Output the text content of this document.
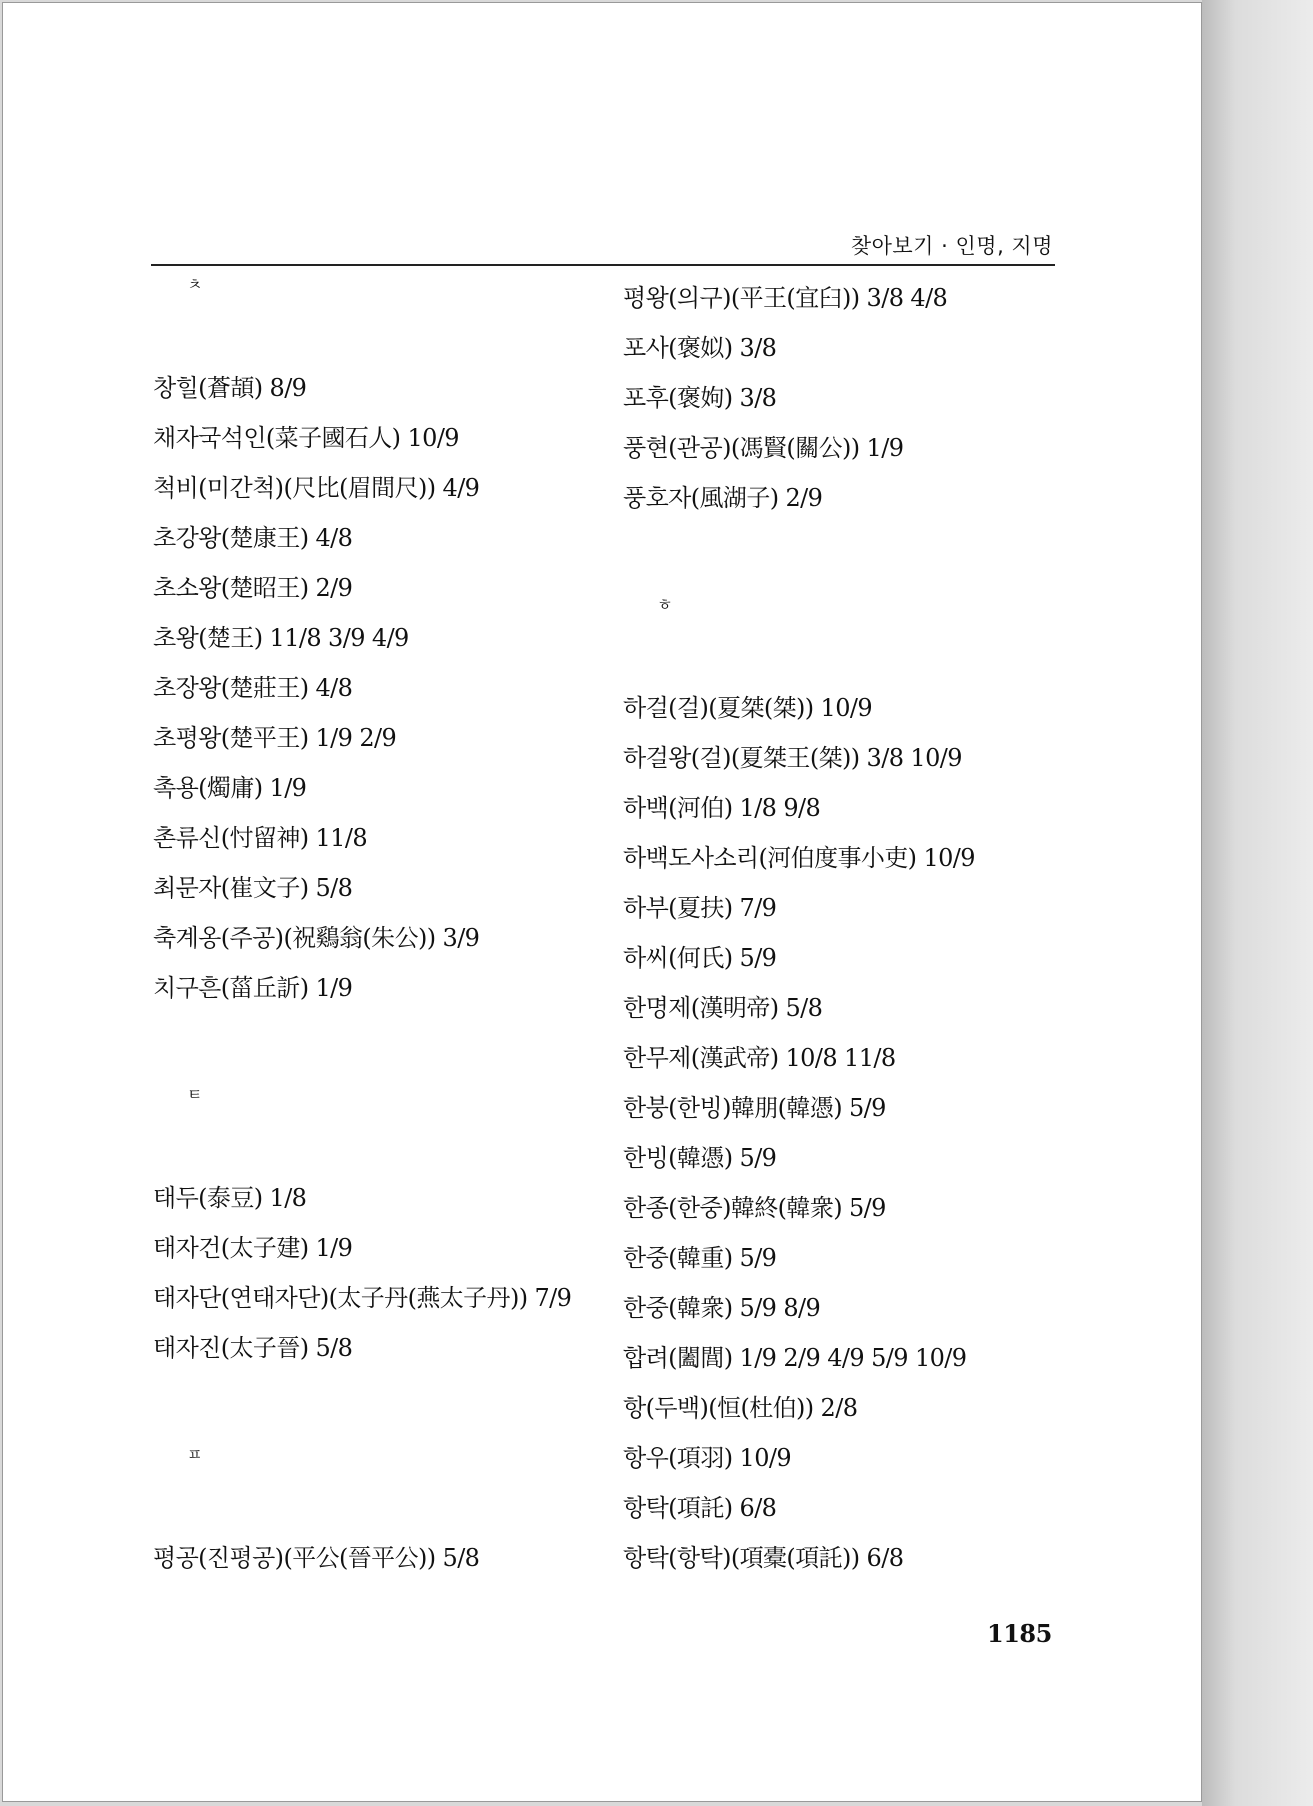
찾아보기 · 인명, 지명
ㅊ
창힐(蒼頡) 8/9
채자국석인(菜子國石人) 10/9
척비(미간척)(尺比(眉間尺)) 4/9
초강왕(楚康王) 4/8
초소왕(楚昭王) 2/9
초왕(楚王) 11/8 3/9 4/9
초장왕(楚莊王) 4/8
초평왕(楚平王) 1/9 2/9
촉용(燭庸) 1/9
촌류신(忖留神) 11/8
최문자(崔文子) 5/8
축계옹(주공)(祝鷄翁(朱公)) 3/9
치구흔(菑丘訢) 1/9
ㅌ
태두(泰豆) 1/8
태자건(太子建) 1/9
태자단(연태자단)(太子丹(燕太子丹)) 7/9
태자진(太子晉) 5/8
ㅍ
평공(진평공)(平公(晉平公)) 5/8
평왕(의구)(平王(宜臼)) 3/8 4/8
포사(褒姒) 3/8
포후(褒姁) 3/8
풍현(관공)(馮賢(關公)) 1/9
풍호자(風湖子) 2/9
ㅎ
하걸(걸)(夏桀(桀)) 10/9
하걸왕(걸)(夏桀王(桀)) 3/8 10/9
하백(河伯) 1/8 9/8
하백도사소리(河伯度事小吏) 10/9
하부(夏扶) 7/9
하씨(何氏) 5/9
한명제(漢明帝) 5/8
한무제(漢武帝) 10/8 11/8
한붕(한빙)韓朋(韓憑) 5/9
한빙(韓憑) 5/9
한종(한중)韓終(韓衆) 5/9
한중(韓重) 5/9
한중(韓衆) 5/9 8/9
합려(闔閭) 1/9 2/9 4/9 5/9 10/9
항(두백)(恒(杜伯)) 2/8
항우(項羽) 10/9
항탁(項託) 6/8
항탁(항탁)(項橐(項託)) 6/8
1185
